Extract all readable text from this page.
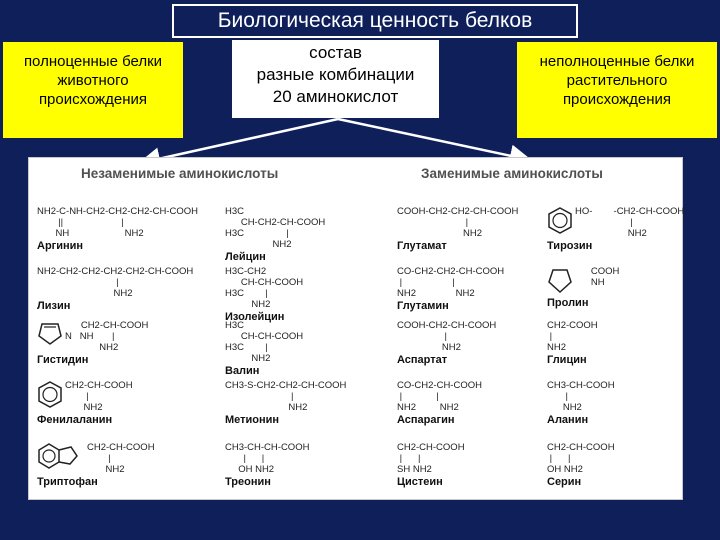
Биологическая ценность белков
полноценные белки
животного
происхождения
состав
разные комбинации
20 аминокислот
неполноценные белки
растительного
происхождения
Незаменимые аминокислоты	Заменимые аминокислоты
NH2-C-NH-CH2-CH2-CH2-CH-COOH
||                      |
NH                     NH2
Аргинин
NH2-CH2-CH2-CH2-CH2-CH-COOH
|
NH2
Лизин
CH2-CH-COOH
N   NH       |
NH2
Гистидин
CH2-CH-COOH
|
NH2
Фенилаланин
CH2-CH-COOH
|
NH2
Триптофан
H3C
CH-CH2-CH-COOH
H3C                |
NH2
Лейцин
H3C-CH2
CH-CH-COOH
H3C        |
NH2
Изолейцин
H3C
CH-CH-COOH
H3C        |
NH2
Валин
CH3-S-CH2-CH2-CH-COOH
|
NH2
Метионин
CH3-CH-CH-COOH
|      |
OH NH2
Треонин
COOH-CH2-CH2-CH-COOH
|
NH2
Глутамат
CO-CH2-CH2-CH-COOH
|                   |
NH2               NH2
Глутамин
COOH-CH2-CH-COOH
|
NH2
Аспартат
CO-CH2-CH-COOH
|             |
NH2         NH2
Аспарагин
CH2-CH-COOH
|      |
SH NH2
Цистеин
HO-        -CH2-CH-COOH
|
NH2
Тирозин
COOH
NH
Пролин
CH2-COOH
|
NH2
Глицин
CH3-CH-COOH
|
NH2
Аланин
CH2-CH-COOH
|      |
OH NH2
Серин
